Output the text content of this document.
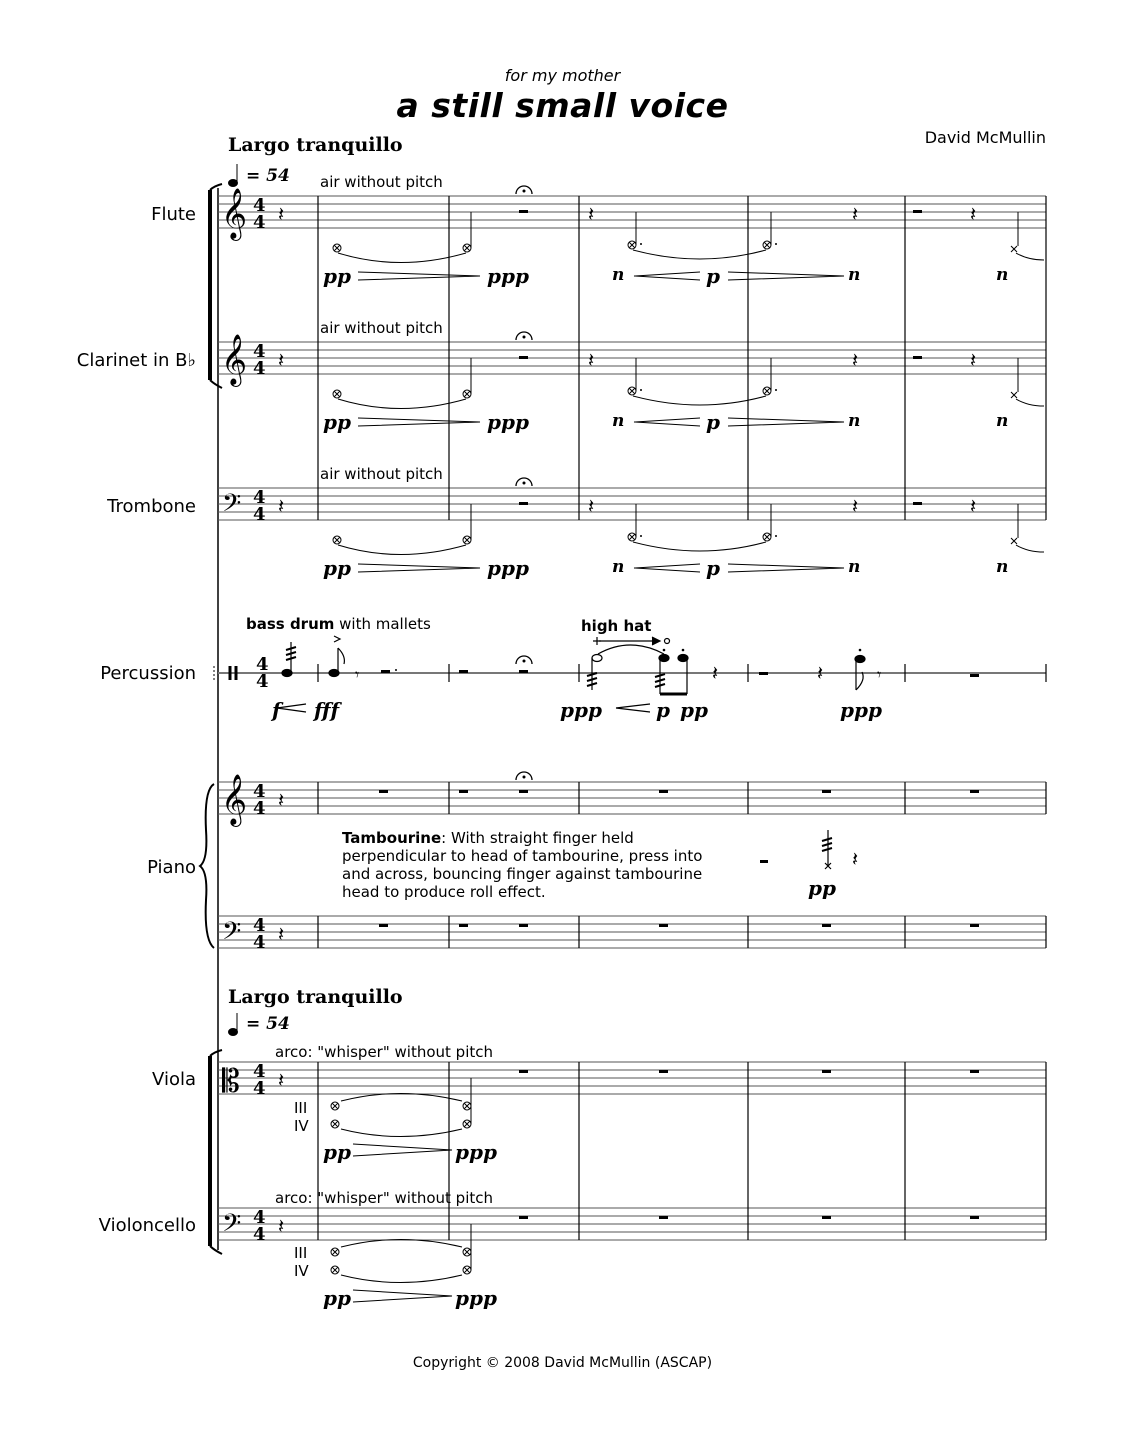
for my mother
a still small voice
David McMullin
Largo tranquillo
= 54
Flute
Clarinet in B♭
Trombone
Percussion
Piano
Viola
Violoncello
air without pitch
air without pitch
air without pitch
bass drum with mallets	high hat
arco: "whisper" without pitch
arco: "whisper" without pitch
III
IV
III
IV
pp	ppp	n	p	n	n
pp	ppp	n	p	n	n
pp	ppp	n	p	n	n
f fff	ppp	p pp	ppp
pp
pp	ppp
pp	ppp
Tambourine: With straight finger held perpendicular to head of tambourine, press into and across, bouncing finger against tambourine head to produce roll effect.
Largo tranquillo
= 54
Copyright © 2008 David McMullin (ASCAP)
𝄞
𝄞
𝄢
𝄞
𝄢
𝄡
𝄢
4
4
4
4
4
4
4
4
4
4
4
4
4
4
4
4
𝄽
𝄽
𝄽
𝄽
𝄽
𝄽
𝄽
𝄽	𝄽	𝄽
𝄽	𝄽	𝄽
𝄽	𝄽	𝄽
𝄽	𝄽
𝄽
𝄾	𝄾
